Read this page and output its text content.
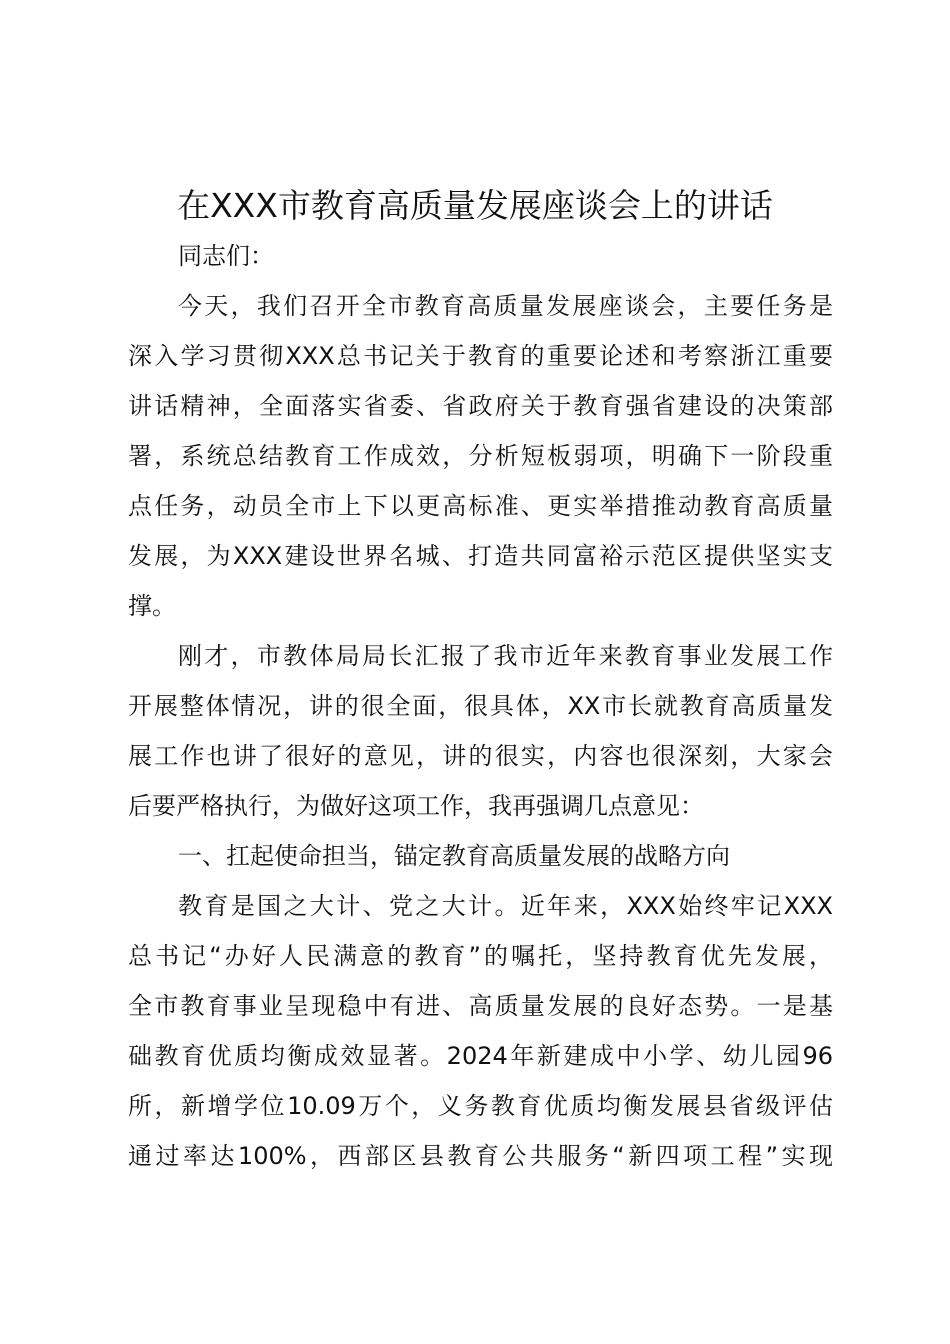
在XXX市教育高质量发展座谈会上的讲话
同志们：
今天，我们召开全市教育高质量发展座谈会，主要任务是
深入学习贯彻XXX总书记关于教育的重要论述和考察浙江重要
讲话精神，全面落实省委、省政府关于教育强省建设的决策部
署，系统总结教育工作成效，分析短板弱项，明确下一阶段重
点任务，动员全市上下以更高标准、更实举措推动教育高质量
发展，为XXX建设世界名城、打造共同富裕示范区提供坚实支
撑。
刚才，市教体局局长汇报了我市近年来教育事业发展工作
开展整体情况，讲的很全面，很具体，XX市长就教育高质量发
展工作也讲了很好的意见，讲的很实，内容也很深刻，大家会
后要严格执行，为做好这项工作，我再强调几点意见：
一、扛起使命担当，锚定教育高质量发展的战略方向
教育是国之大计、党之大计。近年来，XXX始终牢记XXX
总书记“办好人民满意的教育”的嘱托，坚持教育优先发展，
全市教育事业呈现稳中有进、高质量发展的良好态势。一是基
础教育优质均衡成效显著。2024年新建成中小学、幼儿园96
所，新增学位10.09万个，义务教育优质均衡发展县省级评估
通过率达100%，西部区县教育公共服务“新四项工程”实现
